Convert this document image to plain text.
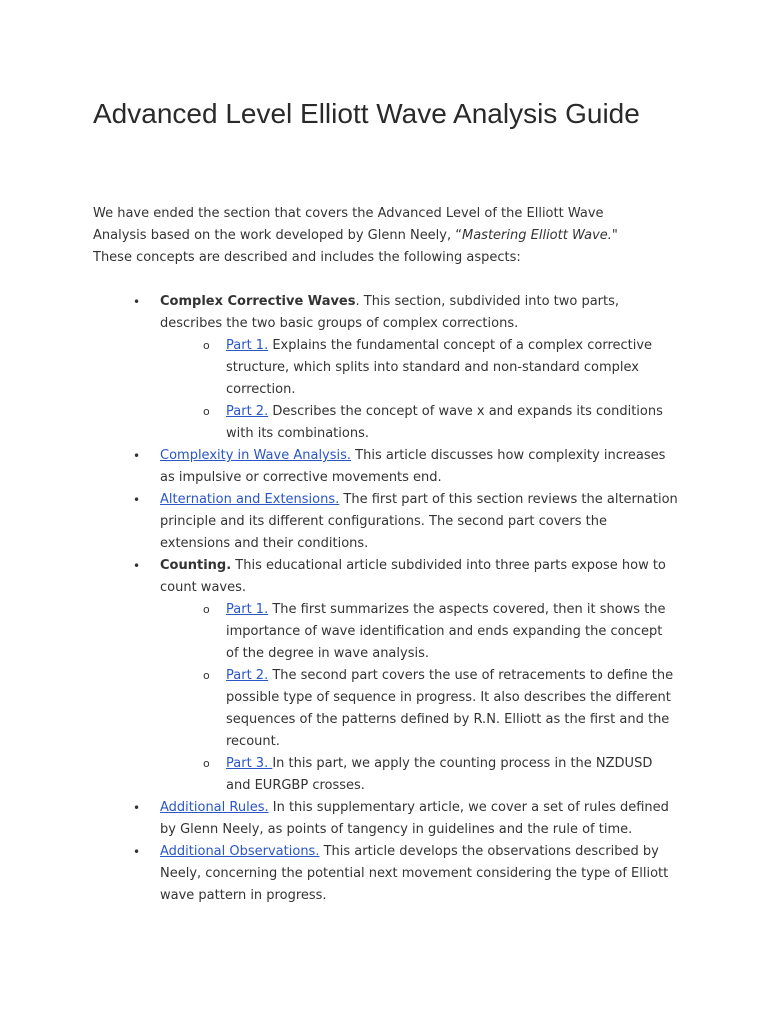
Advanced Level Elliott Wave Analysis Guide

We have ended the section that covers the Advanced Level of the Elliott Wave Analysis based on the work developed by Glenn Neely, “Mastering Elliott Wave." These concepts are described and includes the following aspects:

•	Complex Corrective Waves. This section, subdivided into two parts, describes the two basic groups of complex corrections.
o Part 1. Explains the fundamental concept of a complex corrective structure, which splits into standard and non-standard complex correction.
o Part 2. Describes the concept of wave x and expands its conditions with its combinations.
•	Complexity in Wave Analysis. This article discusses how complexity increases as impulsive or corrective movements end.
•	Alternation and Extensions. The first part of this section reviews the alternation principle and its different configurations. The second part covers the extensions and their conditions.
•	Counting. This educational article subdivided into three parts expose how to count waves.
o Part 1. The first summarizes the aspects covered, then it shows the importance of wave identification and ends expanding the concept of the degree in wave analysis.
o Part 2. The second part covers the use of retracements to define the possible type of sequence in progress. It also describes the different sequences of the patterns defined by R.N. Elliott as the first and the recount.
o Part 3. In this part, we apply the counting process in the NZDUSD and EURGBP crosses.
•	Additional Rules. In this supplementary article, we cover a set of rules defined by Glenn Neely, as points of tangency in guidelines and the rule of time.
•	Additional Observations. This article develops the observations described by Neely, concerning the potential next movement considering the type of Elliott wave pattern in progress.
